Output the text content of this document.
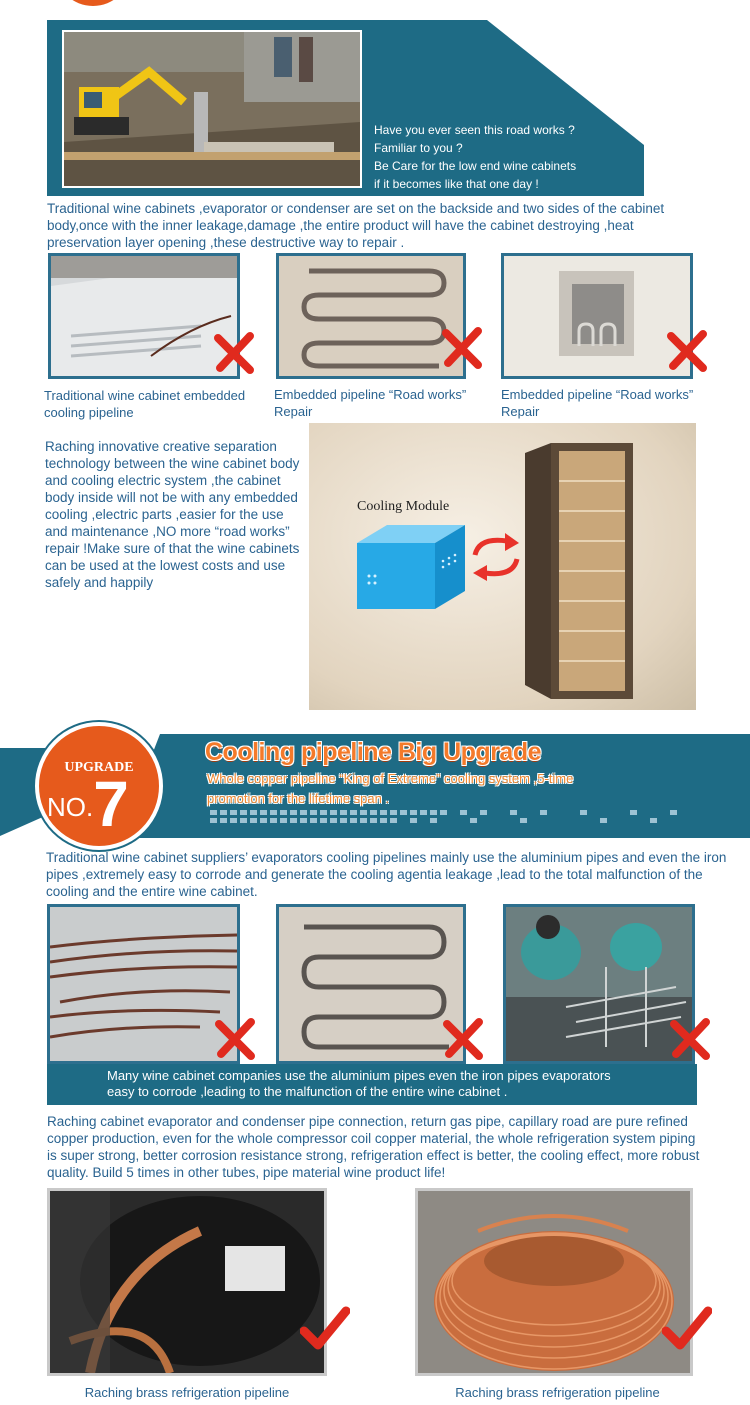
Have you ever seen this road works ?
Familiar to you ?
Be Care for the low end wine cabinets
if it becomes like that one day !
Traditional wine cabinets ,evaporator or condenser are set on the backside and two sides of the cabinet body,once with the inner leakage,damage ,the entire product will have the cabinet destroying ,heat preservation layer opening ,these destructive way to repair .
Traditional wine cabinet embedded cooling pipeline
Embedded pipeline “Road works” Repair
Embedded pipeline “Road works” Repair
Raching innovative creative separation technology between the wine cabinet body and cooling electric system ,the cabinet body inside will not be with any embedded cooling ,electric parts ,easier for the use and maintenance ,NO more “road works” repair !Make sure of that the wine cabinets can be used at the lowest costs and use safely and happily
Cooling Module
UPGRADE
NO.7
Cooling pipeline Big Upgrade
Whole copper pipeline “King of Extreme” cooling system ,5-time
promotion for the lifetime span .
Traditional wine cabinet suppliers’ evaporators cooling pipelines mainly use the aluminium pipes and even the iron pipes ,extremely easy to corrode and generate the cooling agentia leakage ,lead to the total malfunction of the cooling and the entire wine cabinet.
Many wine cabinet companies use the aluminium pipes even the iron pipes evaporators
easy to corrode ,leading to the malfunction of the entire wine cabinet .
Raching cabinet evaporator and condenser pipe connection, return gas pipe, capillary road are pure refined copper production, even for the whole compressor coil copper material, the whole refrigeration system piping is super strong, better corrosion resistance strong, refrigeration effect is better, the cooling effect, more robust quality. Build 5 times in other tubes, pipe material wine product life!
Raching brass refrigeration pipeline	Raching brass refrigeration pipeline
